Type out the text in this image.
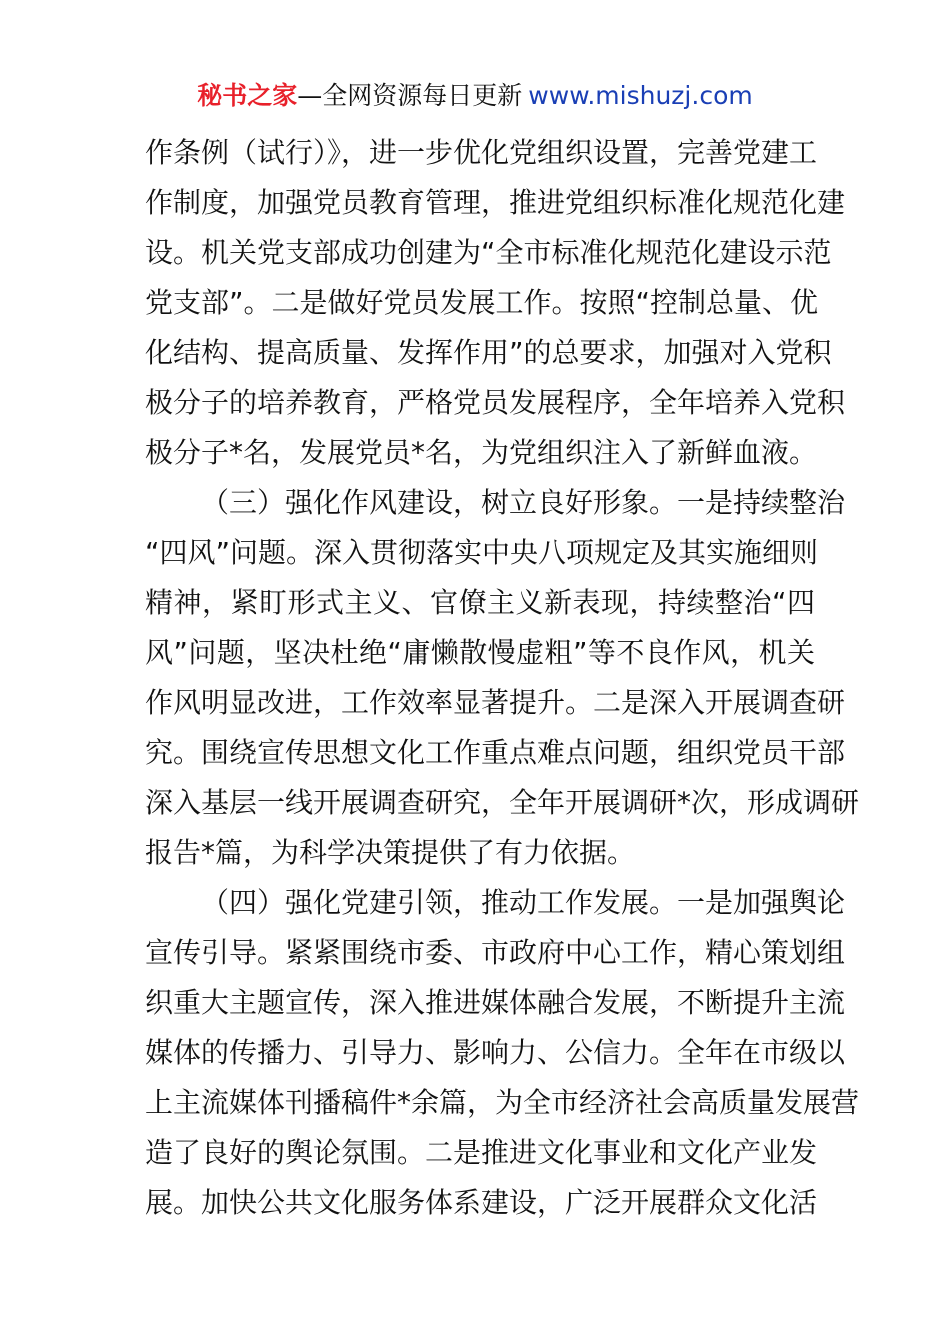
秘书之家—全网资源每日更新 www.mishuzj.com
作条例（试行）》，进一步优化党组织设置，完善党建工
作制度，加强党员教育管理，推进党组织标准化规范化建
设。机关党支部成功创建为“全市标准化规范化建设示范
党支部”。二是做好党员发展工作。按照“控制总量、优
化结构、提高质量、发挥作用”的总要求，加强对入党积
极分子的培养教育，严格党员发展程序，全年培养入党积
极分子*名，发展党员*名，为党组织注入了新鲜血液。
（三）强化作风建设，树立良好形象。一是持续整治
“四风”问题。深入贯彻落实中央八项规定及其实施细则
精神，紧盯形式主义、官僚主义新表现，持续整治“四
风”问题，坚决杜绝“庸懒散慢虚粗”等不良作风，机关
作风明显改进，工作效率显著提升。二是深入开展调查研
究。围绕宣传思想文化工作重点难点问题，组织党员干部
深入基层一线开展调查研究，全年开展调研*次，形成调研
报告*篇，为科学决策提供了有力依据。
（四）强化党建引领，推动工作发展。一是加强舆论
宣传引导。紧紧围绕市委、市政府中心工作，精心策划组
织重大主题宣传，深入推进媒体融合发展，不断提升主流
媒体的传播力、引导力、影响力、公信力。全年在市级以
上主流媒体刊播稿件*余篇，为全市经济社会高质量发展营
造了良好的舆论氛围。二是推进文化事业和文化产业发
展。加快公共文化服务体系建设，广泛开展群众文化活
